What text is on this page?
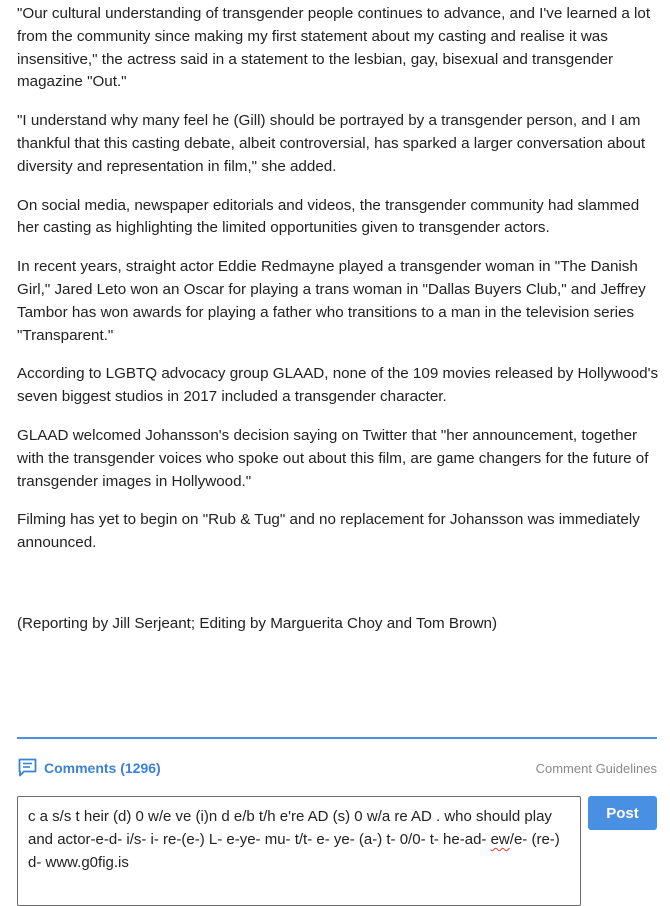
"Our cultural understanding of transgender people continues to advance, and I've learned a lot from the community since making my first statement about my casting and realise it was insensitive," the actress said in a statement to the lesbian, gay, bisexual and transgender magazine "Out."

"I understand why many feel he (Gill) should be portrayed by a transgender person, and I am thankful that this casting debate, albeit controversial, has sparked a larger conversation about diversity and representation in film," she added.

On social media, newspaper editorials and videos, the transgender community had slammed her casting as highlighting the limited opportunities given to transgender actors.

In recent years, straight actor Eddie Redmayne played a transgender woman in "The Danish Girl," Jared Leto won an Oscar for playing a trans woman in "Dallas Buyers Club," and Jeffrey Tambor has won awards for playing a father who transitions to a man in the television series "Transparent."

According to LGBTQ advocacy group GLAAD, none of the 109 movies released by Hollywood's seven biggest studios in 2017 included a transgender character.

GLAAD welcomed Johansson's decision saying on Twitter that "her announcement, together with the transgender voices who spoke out about this film, are game changers for the future of transgender images in Hollywood."

Filming has yet to begin on "Rub & Tug" and no replacement for Johansson was immediately announced.

(Reporting by Jill Serjeant; Editing by Marguerita Choy and Tom Brown)

Comments (1296)	Comment Guidelines
c a s/s t heir (d) 0 w/e ve (i)n d e/b t/h e're AD (s) 0 w/a re AD . who should play and actor-e-d- i/s- i- re-(e-) L- e-ye- mu- t/t- e- ye- (a-) t- 0/0- t- he-ad- ew/e- (re-) d- www.g0fig.is
Post
